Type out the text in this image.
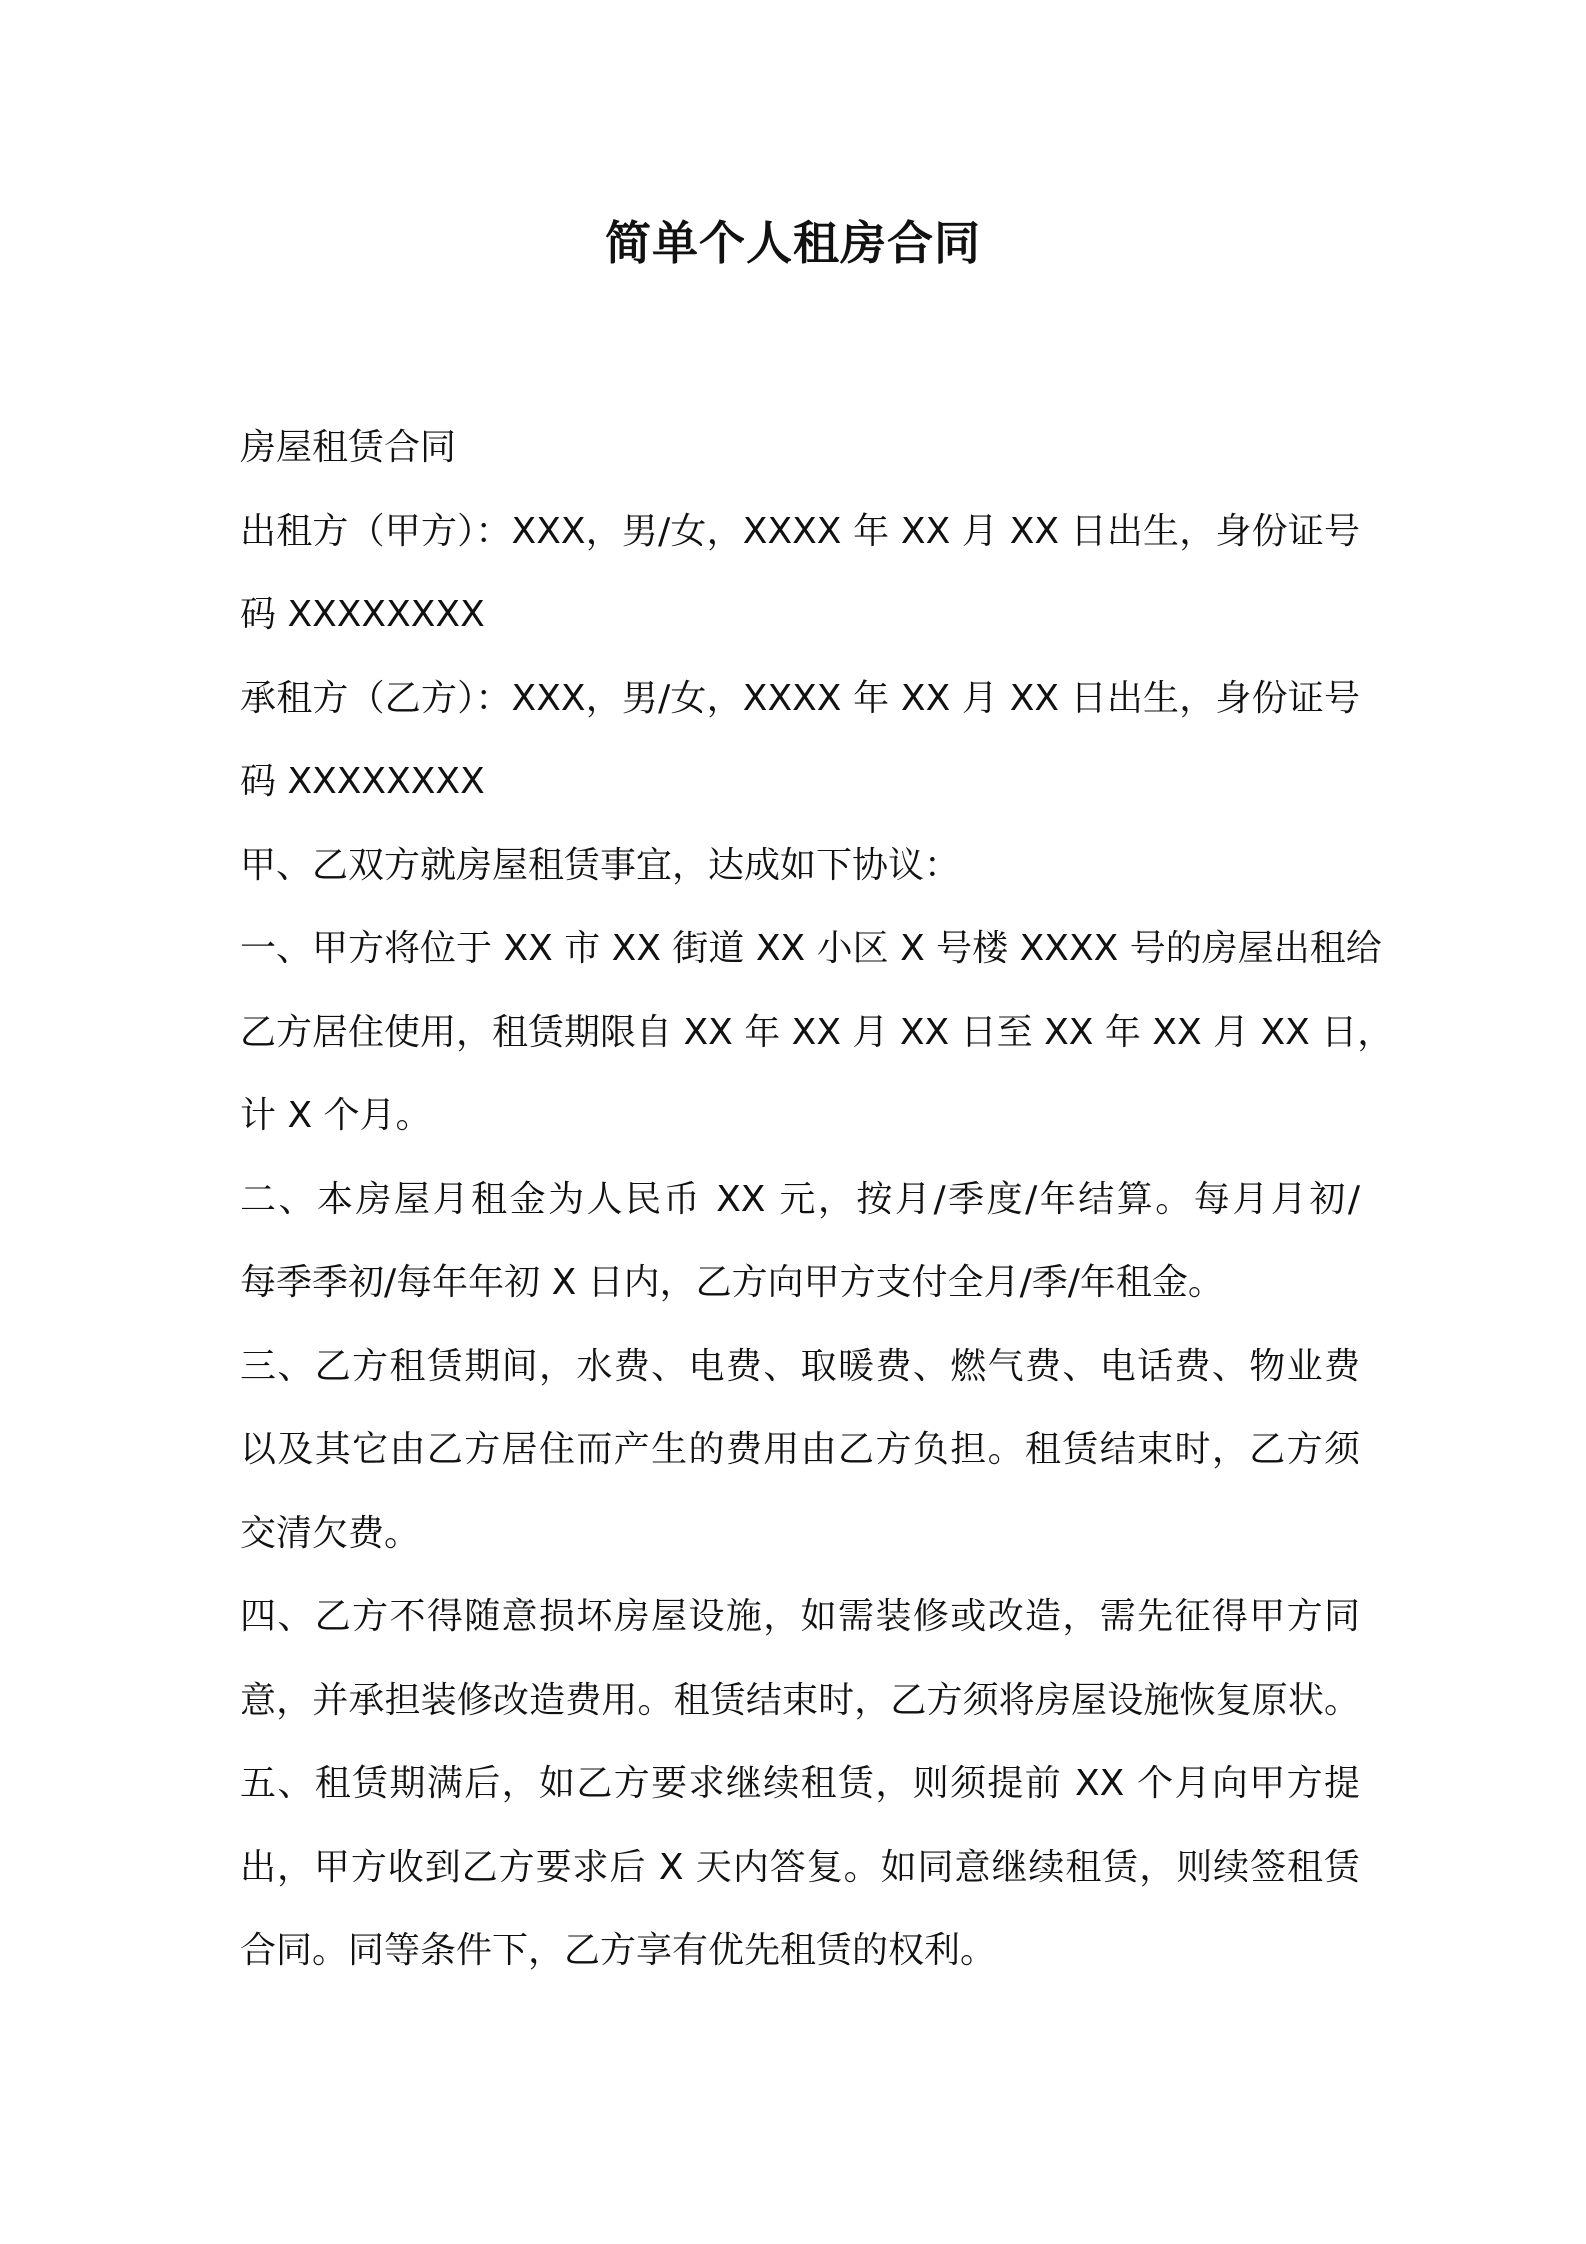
简单个人租房合同
房屋租赁合同
出租方（甲方）：XXX，男/女，XXXX 年 XX 月 XX 日出生，身份证号
码 XXXXXXXX
承租方（乙方）：XXX，男/女，XXXX 年 XX 月 XX 日出生，身份证号
码 XXXXXXXX
甲、乙双方就房屋租赁事宜，达成如下协议：
一、甲方将位于 XX 市 XX 街道 XX 小区 X 号楼 XXXX 号的房屋出租给
乙方居住使用，租赁期限自 XX 年 XX 月 XX 日至 XX 年 XX 月 XX 日，
计 X 个月。
二、本房屋月租金为人民币 XX 元，按月/季度/年结算。每月月初/
每季季初/每年年初 X 日内，乙方向甲方支付全月/季/年租金。
三、乙方租赁期间，水费、电费、取暖费、燃气费、电话费、物业费
以及其它由乙方居住而产生的费用由乙方负担。租赁结束时，乙方须
交清欠费。
四、乙方不得随意损坏房屋设施，如需装修或改造，需先征得甲方同
意，并承担装修改造费用。租赁结束时，乙方须将房屋设施恢复原状。
五、租赁期满后，如乙方要求继续租赁，则须提前 XX 个月向甲方提
出，甲方收到乙方要求后 X 天内答复。如同意继续租赁，则续签租赁
合同。同等条件下，乙方享有优先租赁的权利。
